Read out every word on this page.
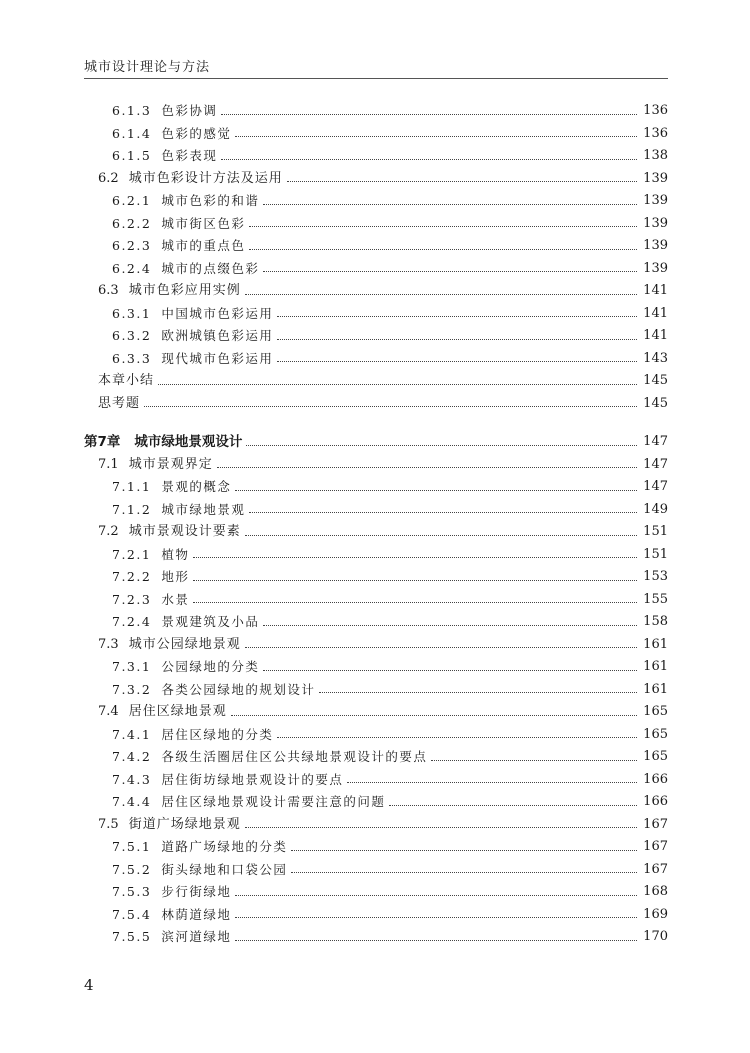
城市设计理论与方法
6.1.3 色彩协调	136
6.1.4 色彩的感觉	136
6.1.5 色彩表现	138
6.2 城市色彩设计方法及运用	139
6.2.1 城市色彩的和谐	139
6.2.2 城市街区色彩	139
6.2.3 城市的重点色	139
6.2.4 城市的点缀色彩	139
6.3 城市色彩应用实例	141
6.3.1 中国城市色彩运用	141
6.3.2 欧洲城镇色彩运用	141
6.3.3 现代城市色彩运用	143
本章小结	145
思考题	145
第7章 城市绿地景观设计	147
7.1 城市景观界定	147
7.1.1 景观的概念	147
7.1.2 城市绿地景观	149
7.2 城市景观设计要素	151
7.2.1 植物	151
7.2.2 地形	153
7.2.3 水景	155
7.2.4 景观建筑及小品	158
7.3 城市公园绿地景观	161
7.3.1 公园绿地的分类	161
7.3.2 各类公园绿地的规划设计	161
7.4 居住区绿地景观	165
7.4.1 居住区绿地的分类	165
7.4.2 各级生活圈居住区公共绿地景观设计的要点	165
7.4.3 居住街坊绿地景观设计的要点	166
7.4.4 居住区绿地景观设计需要注意的问题	166
7.5 街道广场绿地景观	167
7.5.1 道路广场绿地的分类	167
7.5.2 街头绿地和口袋公园	167
7.5.3 步行街绿地	168
7.5.4 林荫道绿地	169
7.5.5 滨河道绿地	170
4
